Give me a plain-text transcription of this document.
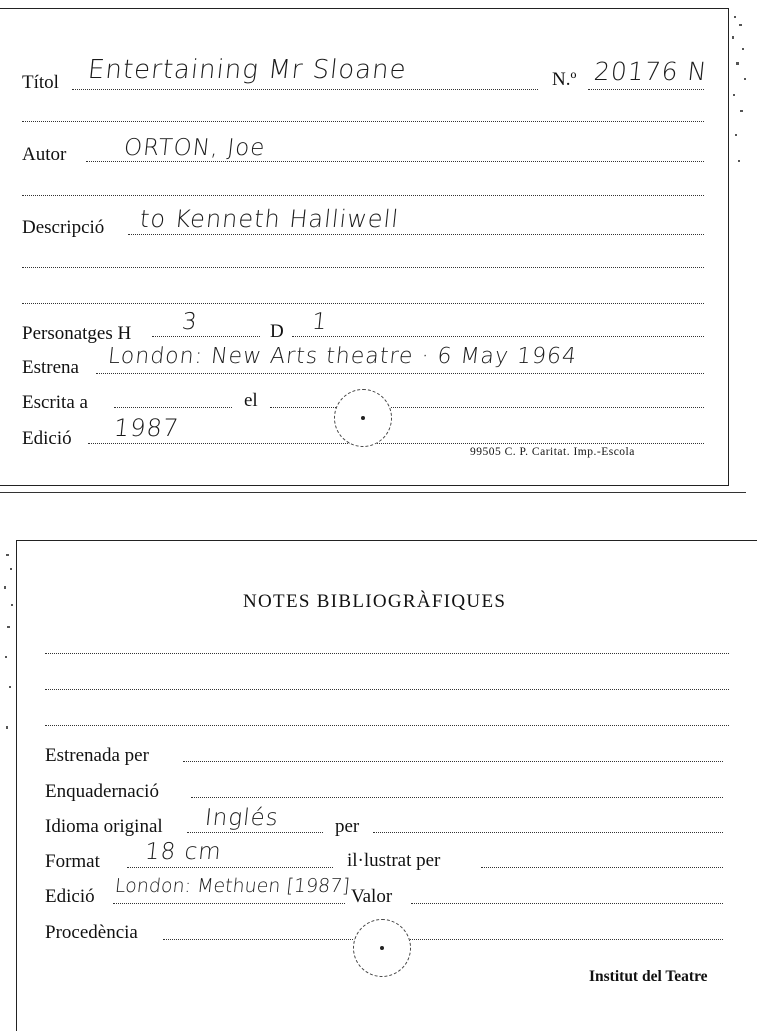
Títol Entertaining Mr Sloane	N.º 20176 N
Autor ORTON, Joe
Descripció to Kenneth Halliwell
Personatges H 3	D 1
Estrena London: New Arts theatre · 6 May 1964
Escrita a	el
Edició 1987
99505 C. P. Caritat. Imp.-Escola
NOTES BIBLIOGRÀFIQUES
Estrenada per
Enquadernació
Idioma original Inglés	per
Format 18 cm	il·lustrat per
Edició London: Methuen [1987] Valor
Procedència
Institut del Teatre
